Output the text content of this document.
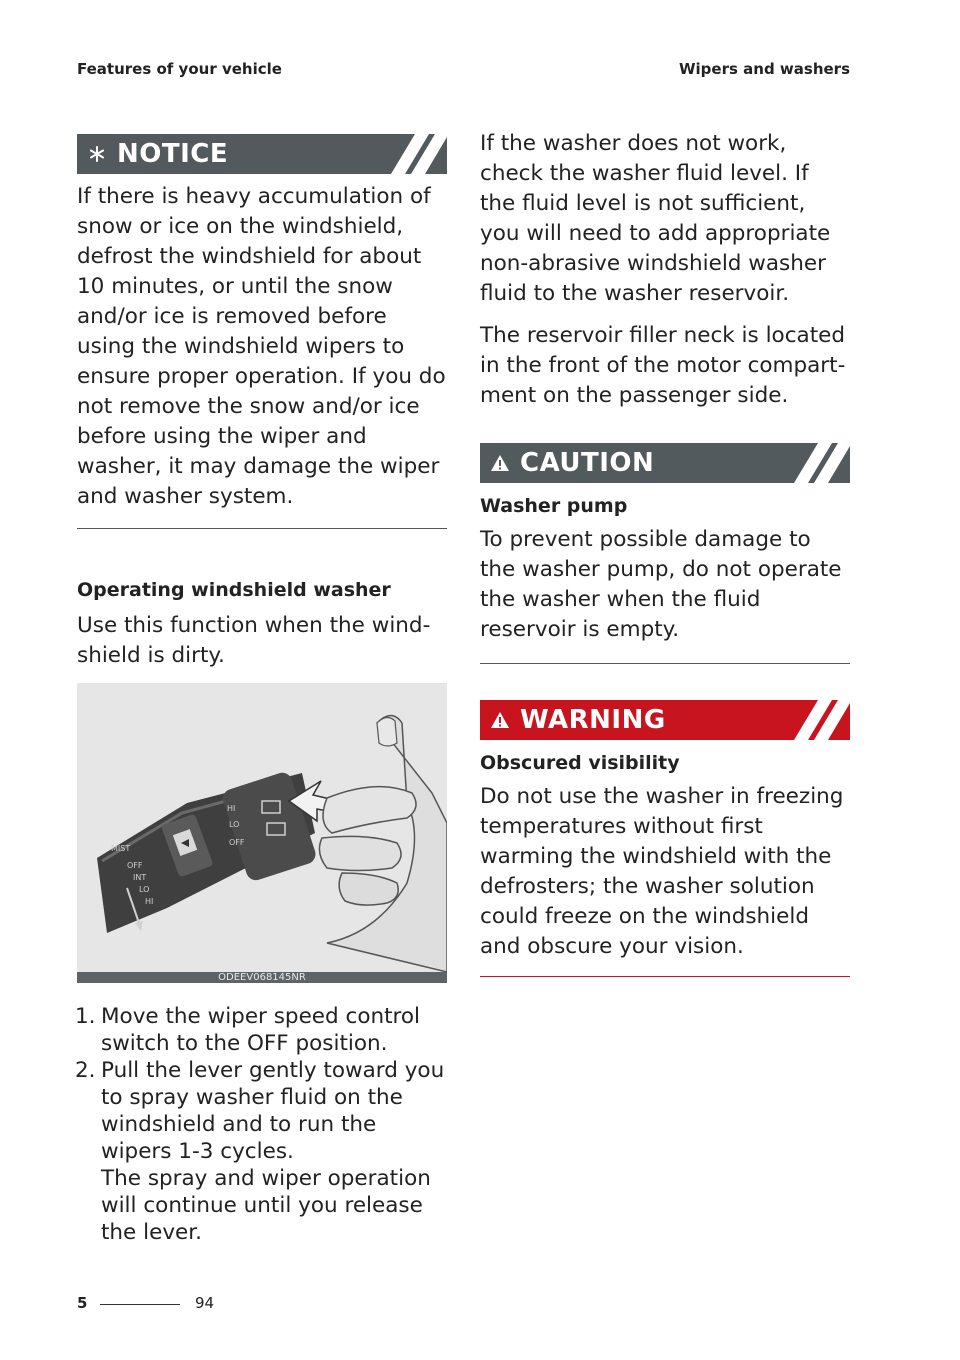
Features of your vehicle	Wipers and washers
NOTICE

If there is heavy accumulation of snow or ice on the windshield, defrost the windshield for about 10 minutes, or until the snow and/or ice is removed before using the windshield wipers to ensure proper operation. If you do not remove the snow and/or ice before using the wiper and washer, it may damage the wiper and washer system.

Operating windshield washer

Use this function when the wind-shield is dirty.

MIST
OFF
INT
LO
HI
HI
LO
OFF
ODEEV068145NR
1. Move the wiper speed control switch to the OFF position.
2. Pull the lever gently toward you to spray washer fluid on the windshield and to run the wipers 1-3 cycles.
The spray and wiper operation will continue until you release the lever.

If the washer does not work, check the washer fluid level. If the fluid level is not sufficient, you will need to add appropriate non-abrasive windshield washer fluid to the washer reservoir.

The reservoir filler neck is located in the front of the motor compart-ment on the passenger side.

CAUTION

Washer pump

To prevent possible damage to the washer pump, do not operate the washer when the fluid reservoir is empty.

WARNING

Obscured visibility

Do not use the washer in freezing temperatures without first warming the windshield with the defrosters; the washer solution could freeze on the windshield and obscure your vision.

5	94
